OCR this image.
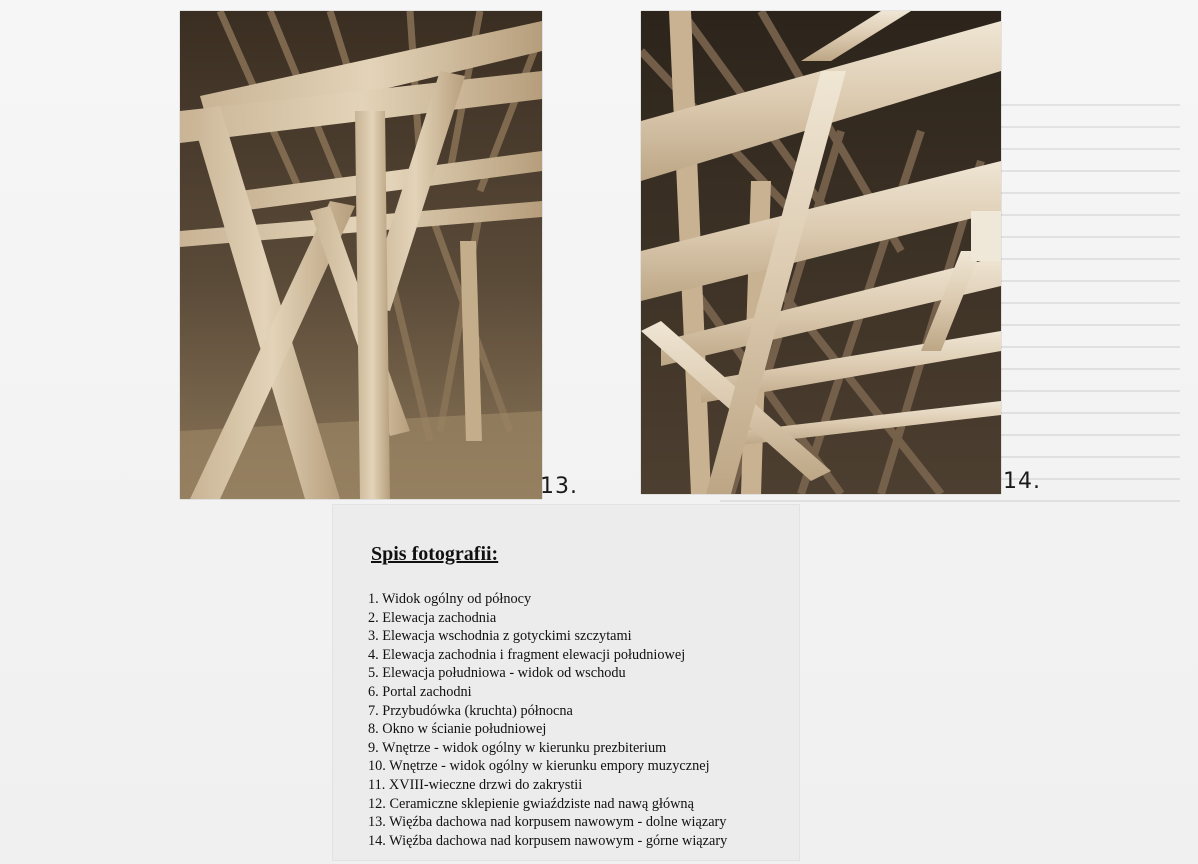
13.	14.
Spis fotografii:
1. Widok ogólny od północy
2. Elewacja zachodnia
3. Elewacja wschodnia z gotyckimi szczytami
4. Elewacja zachodnia i fragment elewacji południowej
5. Elewacja południowa - widok od wschodu
6. Portal zachodni
7. Przybudówka (kruchta) północna
8. Okno w ścianie południowej
9. Wnętrze - widok ogólny w kierunku prezbiterium
10. Wnętrze - widok ogólny w kierunku empory muzycznej
11. XVIII-wieczne drzwi do zakrystii
12. Ceramiczne sklepienie gwiaździste nad nawą główną
13. Więźba dachowa nad korpusem nawowym - dolne wiązary
14. Więźba dachowa nad korpusem nawowym - górne wiązary
